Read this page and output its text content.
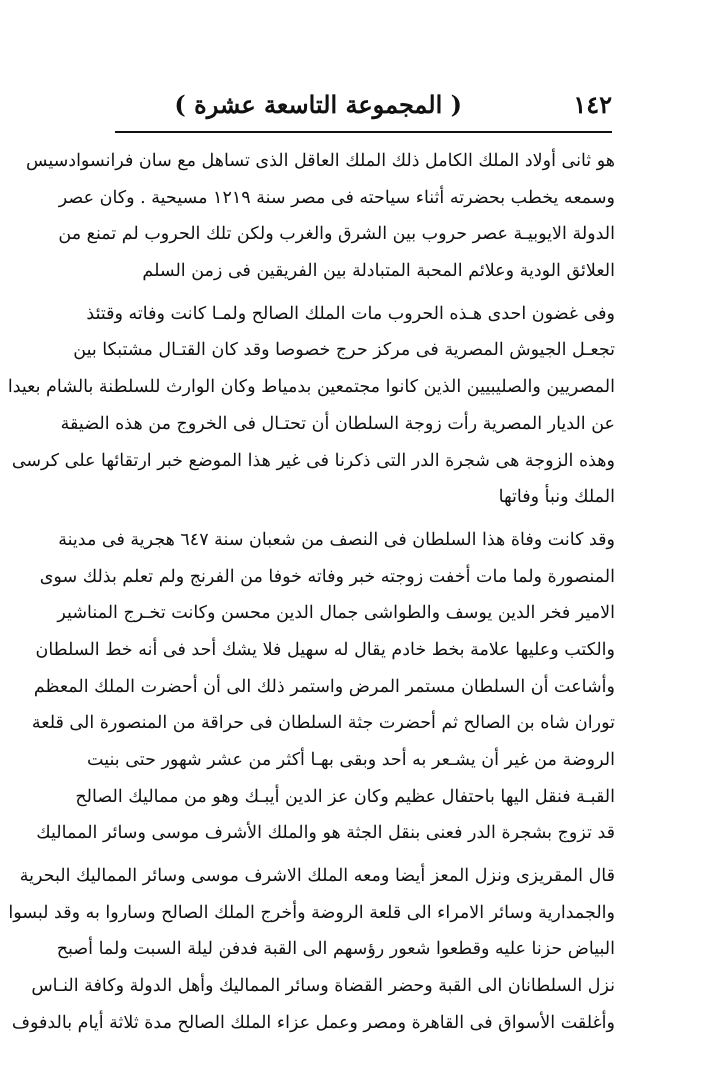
١٤٢
( المجموعة التاسعة عشرة )
هو ثانى أولاد الملك الكامل ذلك الملك العاقل الذى تساهل مع سان فرانسوادسيس
وسمعه يخطب بحضرته أثناء سياحته فى مصر سنة ١٢١٩ مسيحية . وكان عصر
الدولة الايوبيـة عصر حروب بين الشرق والغرب ولكن تلك الحروب لم تمنع من
العلائق الودية وعلائم المحبة المتبادلة بين الفريقين فى زمن السلم
وفى غضون احدى هـذه الحروب مات الملك الصالح ولمـا كانت وفاته وقتئذ
تجعـل الجيوش المصرية فى مركز حرج خصوصا وقد كان القتـال مشتبكا بين
المصريين والصليبيين الذين كانوا مجتمعين بدمياط وكان الوارث للسلطنة بالشام بعيدا
عن الديار المصرية رأت زوجة السلطان أن تحتـال فى الخروج من هذه الضيقة
وهذه الزوجة هى شجرة الدر التى ذكرنا فى غير هذا الموضع خبر ارتقائها على كرسى
الملك ونبأ وفاتها
وقد كانت وفاة هذا السلطان فى النصف من شعبان سنة ٦٤٧ هجرية فى مدينة
المنصورة ولما مات أخفت زوجته خبر وفاته خوفا من الفرنج ولم تعلم بذلك سوى
الامير فخر الدين يوسف والطواشى جمال الدين محسن وكانت تخـرج المناشير
والكتب وعليها علامة بخط خادم يقال له سهيل فلا يشك أحد فى أنه خط السلطان
وأشاعت أن السلطان مستمر المرض واستمر ذلك الى أن أحضرت الملك المعظم
توران شاه بن الصالح ثم أحضرت جثة السلطان فى حراقة من المنصورة الى قلعة
الروضة من غير أن يشـعر به أحد وبقى بهـا أكثر من عشر شهور حتى بنيت
القبـة فنقل اليها باحتفال عظيم وكان عز الدين أيبـك وهو من مماليك الصالح
قد تزوج بشجرة الدر فعنى بنقل الجثة هو والملك الأشرف موسى وسائر المماليك
قال المقريزى ونزل المعز أيضا ومعه الملك الاشرف موسى وسائر المماليك البحرية
والجمدارية وسائر الامراء الى قلعة الروضة وأخرج الملك الصالح وساروا به وقد لبسوا
البياض حزنا عليه وقطعوا شعور رؤسهم الى القبة فدفن ليلة السبت ولما أصبح
نزل السلطانان الى القبة وحضر القضاة وسائر المماليك وأهل الدولة وكافة النـاس
وأغلقت الأسواق فى القاهرة ومصر وعمل عزاء الملك الصالح مدة ثلاثة أيام بالدفوف
